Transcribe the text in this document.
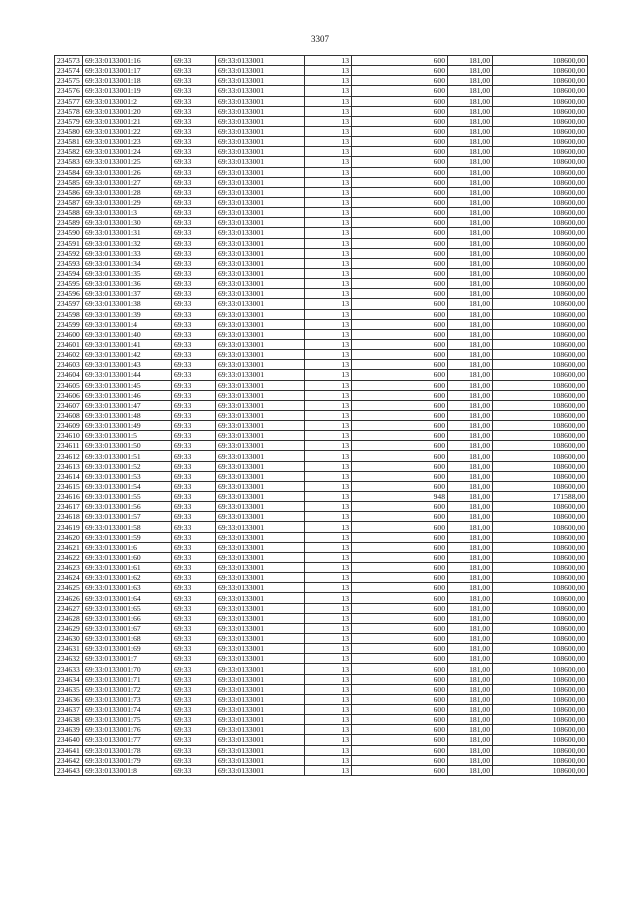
3307
234573	69:33:0133001:16	69:33	69:33:0133001	13	600	181,00	108600,00
234574	69:33:0133001:17	69:33	69:33:0133001	13	600	181,00	108600,00
234575	69:33:0133001:18	69:33	69:33:0133001	13	600	181,00	108600,00
234576	69:33:0133001:19	69:33	69:33:0133001	13	600	181,00	108600,00
234577	69:33:0133001:2	69:33	69:33:0133001	13	600	181,00	108600,00
234578	69:33:0133001:20	69:33	69:33:0133001	13	600	181,00	108600,00
234579	69:33:0133001:21	69:33	69:33:0133001	13	600	181,00	108600,00
234580	69:33:0133001:22	69:33	69:33:0133001	13	600	181,00	108600,00
234581	69:33:0133001:23	69:33	69:33:0133001	13	600	181,00	108600,00
234582	69:33:0133001:24	69:33	69:33:0133001	13	600	181,00	108600,00
234583	69:33:0133001:25	69:33	69:33:0133001	13	600	181,00	108600,00
234584	69:33:0133001:26	69:33	69:33:0133001	13	600	181,00	108600,00
234585	69:33:0133001:27	69:33	69:33:0133001	13	600	181,00	108600,00
234586	69:33:0133001:28	69:33	69:33:0133001	13	600	181,00	108600,00
234587	69:33:0133001:29	69:33	69:33:0133001	13	600	181,00	108600,00
234588	69:33:0133001:3	69:33	69:33:0133001	13	600	181,00	108600,00
234589	69:33:0133001:30	69:33	69:33:0133001	13	600	181,00	108600,00
234590	69:33:0133001:31	69:33	69:33:0133001	13	600	181,00	108600,00
234591	69:33:0133001:32	69:33	69:33:0133001	13	600	181,00	108600,00
234592	69:33:0133001:33	69:33	69:33:0133001	13	600	181,00	108600,00
234593	69:33:0133001:34	69:33	69:33:0133001	13	600	181,00	108600,00
234594	69:33:0133001:35	69:33	69:33:0133001	13	600	181,00	108600,00
234595	69:33:0133001:36	69:33	69:33:0133001	13	600	181,00	108600,00
234596	69:33:0133001:37	69:33	69:33:0133001	13	600	181,00	108600,00
234597	69:33:0133001:38	69:33	69:33:0133001	13	600	181,00	108600,00
234598	69:33:0133001:39	69:33	69:33:0133001	13	600	181,00	108600,00
234599	69:33:0133001:4	69:33	69:33:0133001	13	600	181,00	108600,00
234600	69:33:0133001:40	69:33	69:33:0133001	13	600	181,00	108600,00
234601	69:33:0133001:41	69:33	69:33:0133001	13	600	181,00	108600,00
234602	69:33:0133001:42	69:33	69:33:0133001	13	600	181,00	108600,00
234603	69:33:0133001:43	69:33	69:33:0133001	13	600	181,00	108600,00
234604	69:33:0133001:44	69:33	69:33:0133001	13	600	181,00	108600,00
234605	69:33:0133001:45	69:33	69:33:0133001	13	600	181,00	108600,00
234606	69:33:0133001:46	69:33	69:33:0133001	13	600	181,00	108600,00
234607	69:33:0133001:47	69:33	69:33:0133001	13	600	181,00	108600,00
234608	69:33:0133001:48	69:33	69:33:0133001	13	600	181,00	108600,00
234609	69:33:0133001:49	69:33	69:33:0133001	13	600	181,00	108600,00
234610	69:33:0133001:5	69:33	69:33:0133001	13	600	181,00	108600,00
234611	69:33:0133001:50	69:33	69:33:0133001	13	600	181,00	108600,00
234612	69:33:0133001:51	69:33	69:33:0133001	13	600	181,00	108600,00
234613	69:33:0133001:52	69:33	69:33:0133001	13	600	181,00	108600,00
234614	69:33:0133001:53	69:33	69:33:0133001	13	600	181,00	108600,00
234615	69:33:0133001:54	69:33	69:33:0133001	13	600	181,00	108600,00
234616	69:33:0133001:55	69:33	69:33:0133001	13	948	181,00	171588,00
234617	69:33:0133001:56	69:33	69:33:0133001	13	600	181,00	108600,00
234618	69:33:0133001:57	69:33	69:33:0133001	13	600	181,00	108600,00
234619	69:33:0133001:58	69:33	69:33:0133001	13	600	181,00	108600,00
234620	69:33:0133001:59	69:33	69:33:0133001	13	600	181,00	108600,00
234621	69:33:0133001:6	69:33	69:33:0133001	13	600	181,00	108600,00
234622	69:33:0133001:60	69:33	69:33:0133001	13	600	181,00	108600,00
234623	69:33:0133001:61	69:33	69:33:0133001	13	600	181,00	108600,00
234624	69:33:0133001:62	69:33	69:33:0133001	13	600	181,00	108600,00
234625	69:33:0133001:63	69:33	69:33:0133001	13	600	181,00	108600,00
234626	69:33:0133001:64	69:33	69:33:0133001	13	600	181,00	108600,00
234627	69:33:0133001:65	69:33	69:33:0133001	13	600	181,00	108600,00
234628	69:33:0133001:66	69:33	69:33:0133001	13	600	181,00	108600,00
234629	69:33:0133001:67	69:33	69:33:0133001	13	600	181,00	108600,00
234630	69:33:0133001:68	69:33	69:33:0133001	13	600	181,00	108600,00
234631	69:33:0133001:69	69:33	69:33:0133001	13	600	181,00	108600,00
234632	69:33:0133001:7	69:33	69:33:0133001	13	600	181,00	108600,00
234633	69:33:0133001:70	69:33	69:33:0133001	13	600	181,00	108600,00
234634	69:33:0133001:71	69:33	69:33:0133001	13	600	181,00	108600,00
234635	69:33:0133001:72	69:33	69:33:0133001	13	600	181,00	108600,00
234636	69:33:0133001:73	69:33	69:33:0133001	13	600	181,00	108600,00
234637	69:33:0133001:74	69:33	69:33:0133001	13	600	181,00	108600,00
234638	69:33:0133001:75	69:33	69:33:0133001	13	600	181,00	108600,00
234639	69:33:0133001:76	69:33	69:33:0133001	13	600	181,00	108600,00
234640	69:33:0133001:77	69:33	69:33:0133001	13	600	181,00	108600,00
234641	69:33:0133001:78	69:33	69:33:0133001	13	600	181,00	108600,00
234642	69:33:0133001:79	69:33	69:33:0133001	13	600	181,00	108600,00
234643	69:33:0133001:8	69:33	69:33:0133001	13	600	181,00	108600,00
